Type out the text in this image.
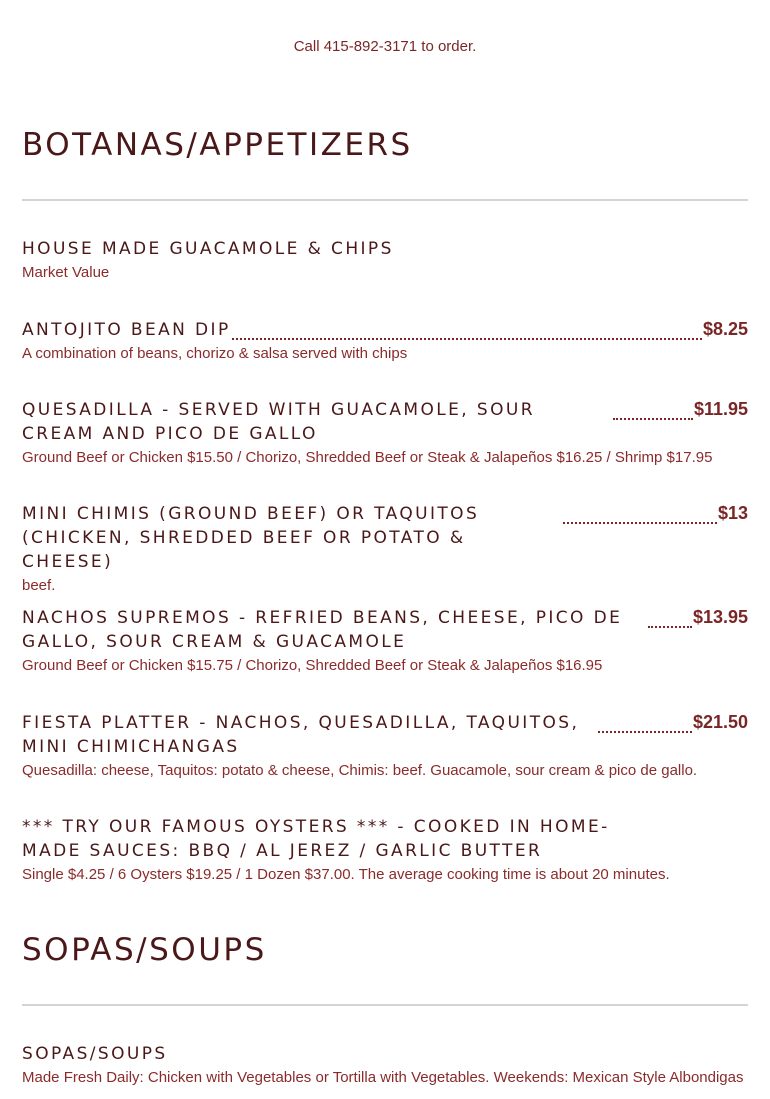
Call 415-892-3171 to order.
BOTANAS/APPETIZERS
HOUSE MADE GUACAMOLE & CHIPS
Market Value
ANTOJITO BEAN DIP	$8.25
A combination of beans, chorizo & salsa served with chips
QUESADILLA - SERVED WITH GUACAMOLE, SOUR CREAM AND PICO DE GALLO
$11.95
Ground Beef or Chicken $15.50 / Chorizo, Shredded Beef or Steak & Jalapeños $16.25 / Shrimp $17.95
MINI CHIMIS (GROUND BEEF) OR TAQUITOS (CHICKEN, SHREDDED BEEF OR POTATO & CHEESE)
$13
beef.
NACHOS SUPREMOS - REFRIED BEANS, CHEESE, PICO DE GALLO, SOUR CREAM & GUACAMOLE
$13.95
Ground Beef or Chicken $15.75 / Chorizo, Shredded Beef or Steak & Jalapeños $16.95
FIESTA PLATTER - NACHOS, QUESADILLA, TAQUITOS, MINI CHIMICHANGAS
$21.50
Quesadilla: cheese, Taquitos: potato & cheese, Chimis: beef. Guacamole, sour cream & pico de gallo.
*** TRY OUR FAMOUS OYSTERS *** - COOKED IN HOME-MADE SAUCES: BBQ / AL JEREZ / GARLIC BUTTER
Single $4.25 / 6 Oysters $19.25 / 1 Dozen $37.00. The average cooking time is about 20 minutes.
SOPAS/SOUPS
SOPAS/SOUPS
Made Fresh Daily: Chicken with Vegetables or Tortilla with Vegetables. Weekends: Mexican Style Albondigas
